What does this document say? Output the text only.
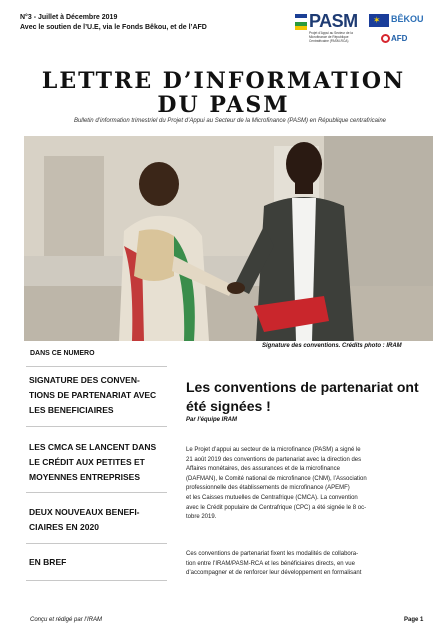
N°3 - Juillet à Décembre 2019
Avec le soutien de l’U.E, via le Fonds Bêkou, et de l’AFD	PASM
Projet d’Appui au Secteur de la Microfinance de République Centrafricaine (PASM-RCA)
✶ BÊKOU
AFD
LETTRE D’INFORMATION
DU PASM
Bulletin d’information trimestriel du Projet d’Appui au Secteur de la Microfinance (PASM) en République centrafricaine
Signature des conventions. Crédits photo : IRAM
DANS CE NUMERO
SIGNATURE DES CONVEN-
TIONS DE PARTENARIAT AVEC
LES BENEFICIAIRES
LES CMCA SE LANCENT DANS
LE CRÉDIT AUX PETITES ET
MOYENNES ENTREPRISES
DEUX NOUVEAUX BENEFI-
CIAIRES EN 2020
EN BREF
Les conventions de partenariat ont
été signées !
Par l’équipe IRAM
Le Projet d’appui au secteur de la microfinance (PASM) a signé le
21 août 2019 des conventions de partenariat avec la direction des
Affaires monétaires, des assurances et de la microfinance
(DAFMAN), le Comité national de microfinance (CNM), l’Association
professionnelle des établissements de microfinance (APEMF)
et les Caisses mutuelles de Centrafrique (CMCA). La convention
avec le Crédit populaire de Centrafrique (CPC) a été signée le 8 oc-
tobre 2019.
Ces conventions de partenariat fixent les modalités de collabora-
tion entre l’IRAM/PASM-RCA et les bénéficiaires directs, en vue
d’accompagner et de renforcer leur développement en formalisant
Conçu et rédigé par l’IRAM	Page 1
